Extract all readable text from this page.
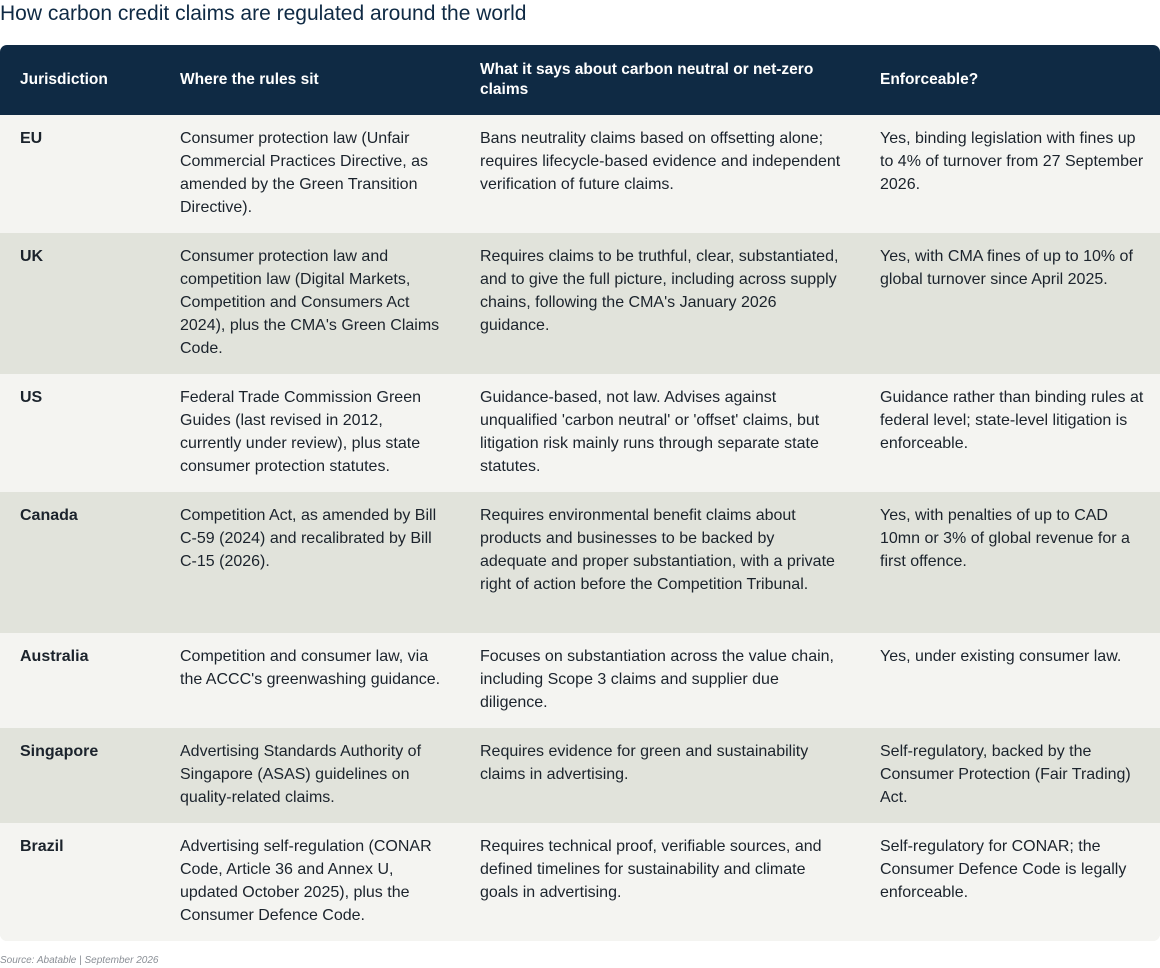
How carbon credit claims are regulated around the world
Jurisdiction	Where the rules sit	What it says about carbon neutral or net-zero claims	Enforceable?
EU	Consumer protection law (Unfair Commercial Practices Directive, as amended by the Green Transition Directive).	Bans neutrality claims based on offsetting alone; requires lifecycle-based evidence and independent verification of future claims.	Yes, binding legislation with fines up to 4% of turnover from 27 September 2026.
UK	Consumer protection law and competition law (Digital Markets, Competition and Consumers Act 2024), plus the CMA's Green Claims Code.	Requires claims to be truthful, clear, substantiated, and to give the full picture, including across supply chains, following the CMA's January 2026 guidance.	Yes, with CMA fines of up to 10% of global turnover since April 2025.
US	Federal Trade Commission Green Guides (last revised in 2012, currently under review), plus state consumer protection statutes.	Guidance-based, not law. Advises against unqualified 'carbon neutral' or 'offset' claims, but litigation risk mainly runs through separate state statutes.	Guidance rather than binding rules at federal level; state-level litigation is enforceable.
Canada	Competition Act, as amended by Bill C-59 (2024) and recalibrated by Bill C-15 (2026).	Requires environmental benefit claims about products and businesses to be backed by adequate and proper substantiation, with a private right of action before the Competition Tribunal.	Yes, with penalties of up to CAD 10mn or 3% of global revenue for a first offence.
Australia	Competition and consumer law, via the ACCC's greenwashing guidance.	Focuses on substantiation across the value chain, including Scope 3 claims and supplier due diligence.	Yes, under existing consumer law.
Singapore	Advertising Standards Authority of Singapore (ASAS) guidelines on quality-related claims.	Requires evidence for green and sustainability claims in advertising.	Self-regulatory, backed by the Consumer Protection (Fair Trading) Act.
Brazil	Advertising self-regulation (CONAR Code, Article 36 and Annex U, updated October 2025), plus the Consumer Defence Code.	Requires technical proof, verifiable sources, and defined timelines for sustainability and climate goals in advertising.	Self-regulatory for CONAR; the Consumer Defence Code is legally enforceable.
Source: Abatable | September 2026
